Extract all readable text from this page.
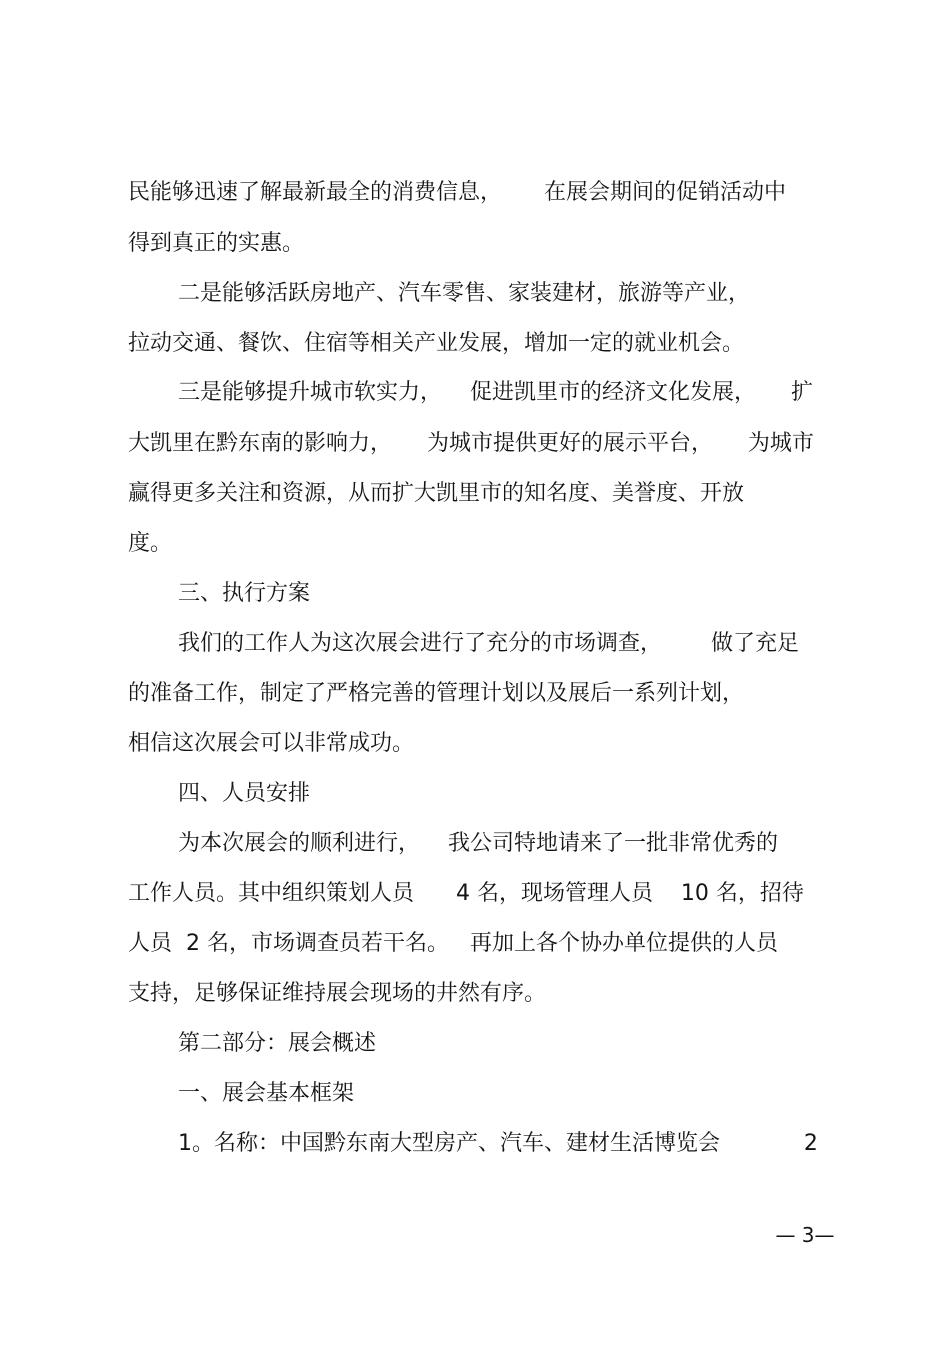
民能够迅速了解最新最全的消费信息，      在展会期间的促销活动中
得到真正的实惠。
二是能够活跃房地产、汽车零售、家装建材，旅游等产业，
拉动交通、餐饮、住宿等相关产业发展，增加一定的就业机会。
三是能够提升城市软实力，    促进凯里市的经济文化发展，     扩
大凯里在黔东南的影响力，     为城市提供更好的展示平台，     为城市
赢得更多关注和资源，从而扩大凯里市的知名度、美誉度、开放
度。
三、执行方案
我们的工作人为这次展会进行了充分的市场调查，       做了充足
的准备工作，制定了严格完善的管理计划以及展后一系列计划，
相信这次展会可以非常成功。
四、人员安排
为本次展会的顺利进行，    我公司特地请来了一批非常优秀的
工作人员。其中组织策划人员      4 名，现场管理人员    10 名，招待
人员  2 名，市场调查员若干名。   再加上各个协办单位提供的人员
支持，足够保证维持展会现场的井然有序。
第二部分：展会概述
一、展会基本框架
1。名称：中国黔东南大型房产、汽车、建材生活博览会            2
— 3—
